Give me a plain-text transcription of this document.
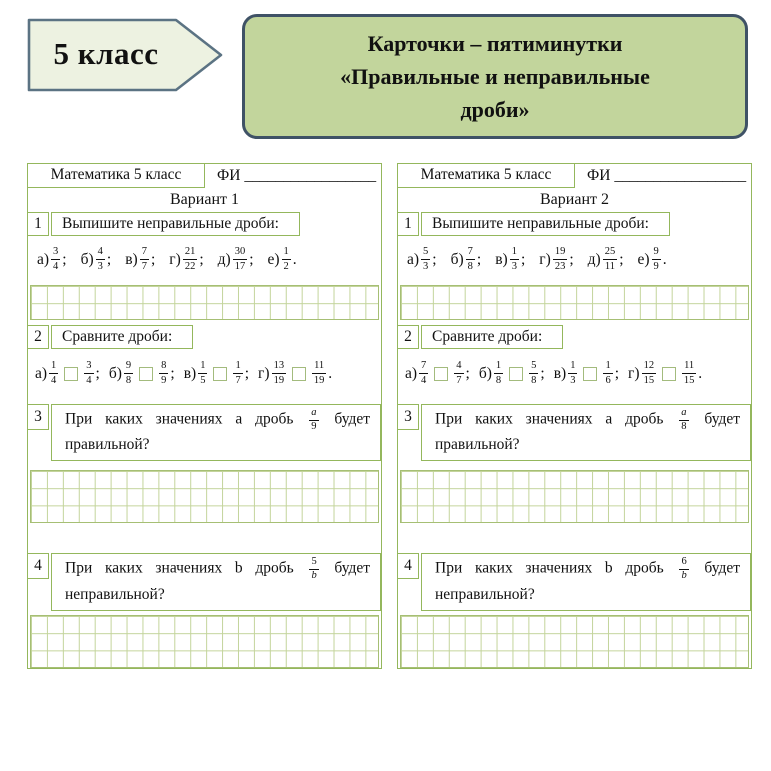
5 класс	Карточки – пятиминутки
«Правильные и неправильные
дроби»
Математика 5 класс	ФИ _________________
Вариант 1
1	Выпишите неправильные дроби:
$а) \frac{3}{4}$ ; $б) \frac{4}{3}$ ; $в) \frac{7}{7}$ ; $г) \frac{21}{22}$ ; $д) \frac{30}{17}$ ; $е) \frac{1}{2}$ .
2	Сравните дроби:
$а) \frac{1}{4} \frac{3}{4}$ ; $б) \frac{9}{8} \frac{8}{9}$ ; $в) \frac{1}{5} \frac{1}{7}$ ; $г) \frac{13}{19} \frac{11}{19}$ .
3	При каких значениях a дробь $\frac{a}{9}$ будет правильной?
4	При каких значениях b дробь $\frac{5}{b}$ будет неправильной?
Математика 5 класс	ФИ _________________
Вариант 2
1	Выпишите неправильные дроби:
$а) \frac{5}{3}$ ; $б) \frac{7}{8}$ ; $в) \frac{1}{3}$ ; $г) \frac{19}{23}$ ; $д) \frac{25}{11}$ ; $е) \frac{9}{9}$ .
2	Сравните дроби:
$а) \frac{7}{4} \frac{4}{7}$ ; $б) \frac{1}{8} \frac{5}{8}$ ; $в) \frac{1}{3} \frac{1}{6}$ ; $г) \frac{12}{15} \frac{11}{15}$ .
3	При каких значениях a дробь $\frac{a}{8}$ будет правильной?
4	При каких значениях b дробь $\frac{6}{b}$ будет неправильной?
